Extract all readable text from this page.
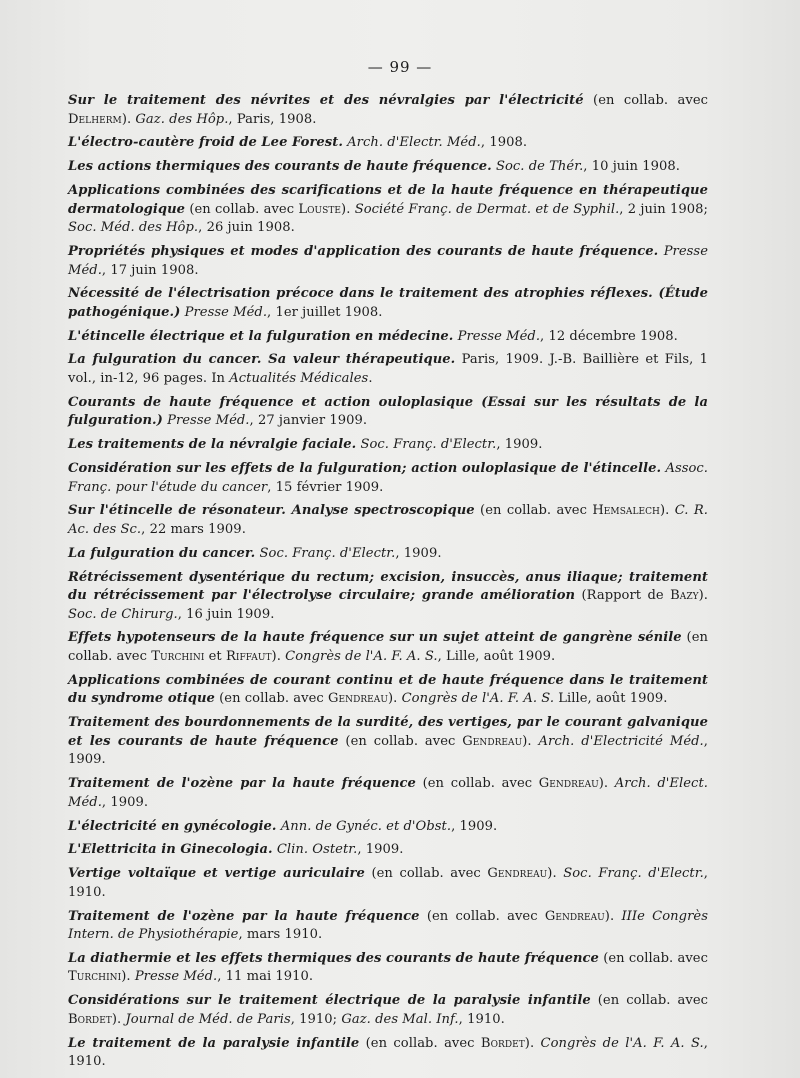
— 99 —

Sur le traitement des névrites et des névralgies par l'électricité (en collab. avec Delherm). Gaz. des Hôp., Paris, 1908.

L'électro-cautère froid de Lee Forest. Arch. d'Electr. Méd., 1908.

Les actions thermiques des courants de haute fréquence. Soc. de Thér., 10 juin 1908.

Applications combinées des scarifications et de la haute fréquence en thérapeutique dermatologique (en collab. avec Louste). Société Franç. de Dermat. et de Syphil., 2 juin 1908; Soc. Méd. des Hôp., 26 juin 1908.

Propriétés physiques et modes d'application des courants de haute fréquence. Presse Méd., 17 juin 1908.

Nécessité de l'électrisation précoce dans le traitement des atrophies réflexes. (Étude pathogénique.) Presse Méd., 1er juillet 1908.

L'étincelle électrique et la fulguration en médecine. Presse Méd., 12 décembre 1908.

La fulguration du cancer. Sa valeur thérapeutique. Paris, 1909. J.-B. Baillière et Fils, 1 vol., in-12, 96 pages. In Actualités Médicales.

Courants de haute fréquence et action ouloplasique (Essai sur les résultats de la fulguration.) Presse Méd., 27 janvier 1909.

Les traitements de la névralgie faciale. Soc. Franç. d'Electr., 1909.

Considération sur les effets de la fulguration; action ouloplasique de l'étincelle. Assoc. Franç. pour l'étude du cancer, 15 février 1909.

Sur l'étincelle de résonateur. Analyse spectroscopique (en collab. avec Hemsalech). C. R. Ac. des Sc., 22 mars 1909.

La fulguration du cancer. Soc. Franç. d'Electr., 1909.

Rétrécissement dysentérique du rectum; excision, insuccès, anus iliaque; traitement du rétrécissement par l'électrolyse circulaire; grande amélioration (Rapport de Bazy). Soc. de Chirurg., 16 juin 1909.

Effets hypotenseurs de la haute fréquence sur un sujet atteint de gangrène sénile (en collab. avec Turchini et Riffaut). Congrès de l'A. F. A. S., Lille, août 1909.

Applications combinées de courant continu et de haute fréquence dans le traitement du syndrome otique (en collab. avec Gendreau). Congrès de l'A. F. A. S. Lille, août 1909.

Traitement des bourdonnements de la surdité, des vertiges, par le courant galvanique et les courants de haute fréquence (en collab. avec Gendreau). Arch. d'Electricité Méd., 1909.

Traitement de l'ozène par la haute fréquence (en collab. avec Gendreau). Arch. d'Elect. Méd., 1909.

L'électricité en gynécologie. Ann. de Gynéc. et d'Obst., 1909.

L'Elettricita in Ginecologia. Clin. Ostetr., 1909.

Vertige voltaïque et vertige auriculaire (en collab. avec Gendreau). Soc. Franç. d'Electr., 1910.

Traitement de l'ozène par la haute fréquence (en collab. avec Gendreau). IIIe Congrès Intern. de Physiothérapie, mars 1910.

La diathermie et les effets thermiques des courants de haute fréquence (en collab. avec Turchini). Presse Méd., 11 mai 1910.

Considérations sur le traitement électrique de la paralysie infantile (en collab. avec Bordet). Journal de Méd. de Paris, 1910; Gaz. des Mal. Inf., 1910.

Le traitement de la paralysie infantile (en collab. avec Bordet). Congrès de l'A. F. A. S., 1910.
